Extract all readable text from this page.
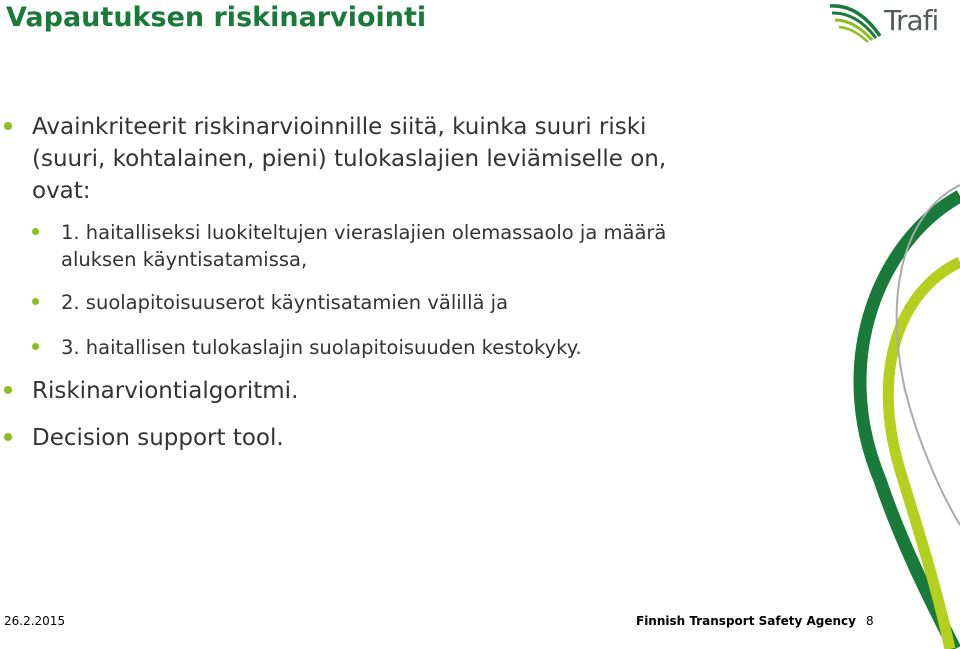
Vapautuksen riskinarviointi	Trafi
Avainkriteerit riskinarvioinnille siitä, kuinka suuri riski
(suuri, kohtalainen, pieni) tulokaslajien leviämiselle on,
ovat:
1. haitalliseksi luokiteltujen vieraslajien olemassaolo ja määrä
aluksen käyntisatamissa,
2. suolapitoisuuserot käyntisatamien välillä ja
3. haitallisen tulokaslajin suolapitoisuuden kestokyky.
Riskinarviontialgoritmi.
Decision support tool.
26.2.2015	Finnish Transport Safety Agency 8
